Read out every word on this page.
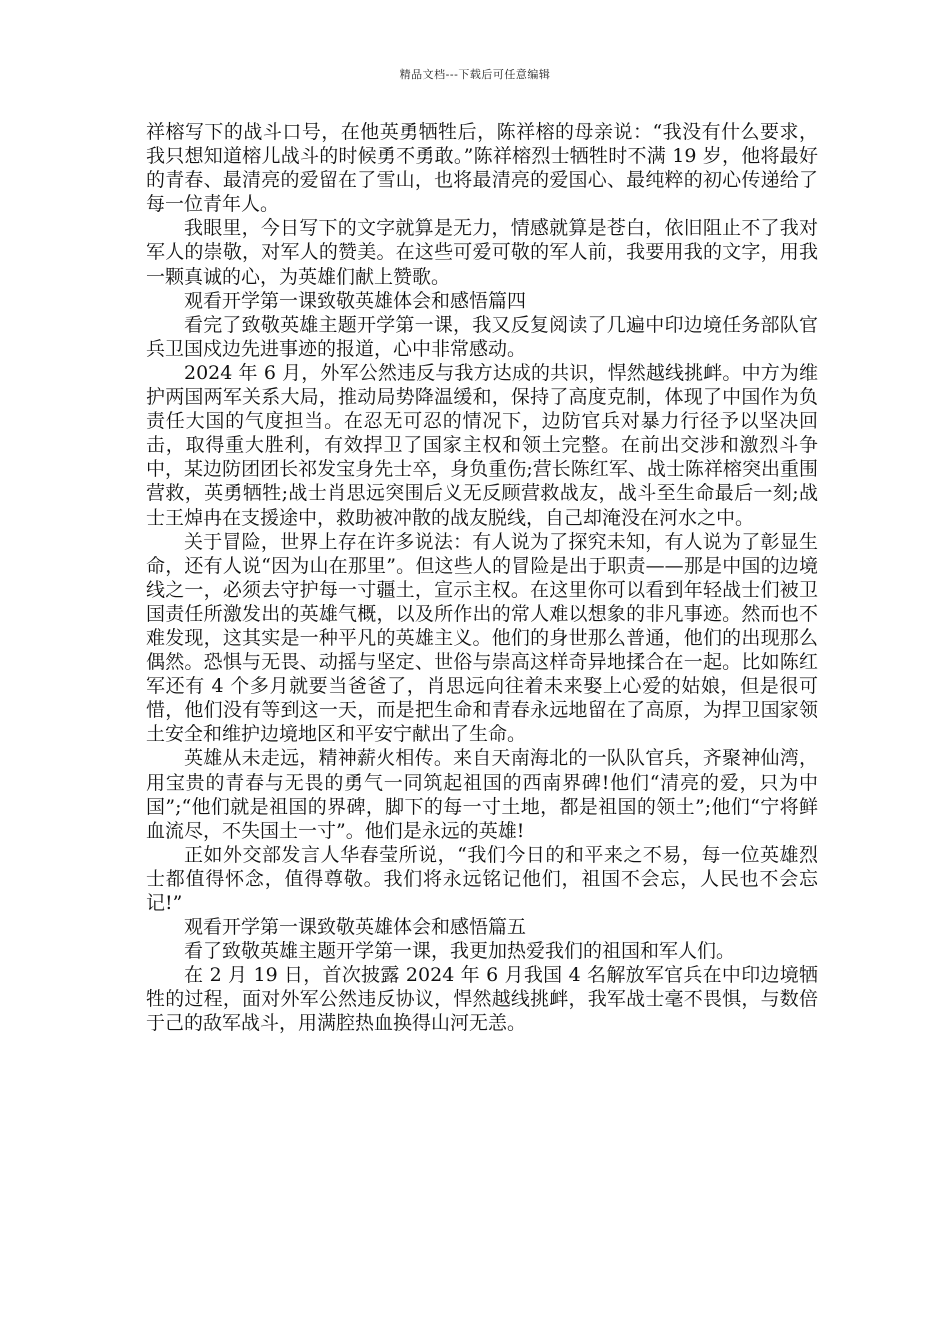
精品文档---下载后可任意编辑

祥榕写下的战斗口号，在他英勇牺牲后，陈祥榕的母亲说：“我没有什么要求，我只想知道榕儿战斗的时候勇不勇敢。”陈祥榕烈士牺牲时不满 19 岁，他将最好的青春、最清亮的爱留在了雪山，也将最清亮的爱国心、最纯粹的初心传递给了每一位青年人。

我眼里，今日写下的文字就算是无力，情感就算是苍白，依旧阻止不了我对军人的崇敬，对军人的赞美。在这些可爱可敬的军人前，我要用我的文字，用我一颗真诚的心，为英雄们献上赞歌。

观看开学第一课致敬英雄体会和感悟篇四

看完了致敬英雄主题开学第一课，我又反复阅读了几遍中印边境任务部队官兵卫国戍边先进事迹的报道，心中非常感动。

2024 年 6 月，外军公然违反与我方达成的共识，悍然越线挑衅。中方为维护两国两军关系大局，推动局势降温缓和，保持了高度克制，体现了中国作为负责任大国的气度担当。在忍无可忍的情况下，边防官兵对暴力行径予以坚决回击，取得重大胜利，有效捍卫了国家主权和领土完整。在前出交涉和激烈斗争中，某边防团团长祁发宝身先士卒，身负重伤;营长陈红军、战士陈祥榕突出重围营救，英勇牺牲;战士肖思远突围后义无反顾营救战友，战斗至生命最后一刻;战士王焯冉在支援途中，救助被冲散的战友脱线，自己却淹没在河水之中。

关于冒险，世界上存在许多说法：有人说为了探究未知，有人说为了彰显生命，还有人说“因为山在那里”。但这些人的冒险是出于职责——那是中国的边境线之一，必须去守护每一寸疆土，宣示主权。在这里你可以看到年轻战士们被卫国责任所激发出的英雄气概，以及所作出的常人难以想象的非凡事迹。然而也不难发现，这其实是一种平凡的英雄主义。他们的身世那么普通，他们的出现那么偶然。恐惧与无畏、动摇与坚定、世俗与崇高这样奇异地揉合在一起。比如陈红军还有 4 个多月就要当爸爸了，肖思远向往着未来娶上心爱的姑娘，但是很可惜，他们没有等到这一天，而是把生命和青春永远地留在了高原，为捍卫国家领土安全和维护边境地区和平安宁献出了生命。

英雄从未走远，精神薪火相传。来自天南海北的一队队官兵，齐聚神仙湾，用宝贵的青春与无畏的勇气一同筑起祖国的西南界碑!他们“清亮的爱，只为中国”;“他们就是祖国的界碑，脚下的每一寸土地，都是祖国的领土”;他们“宁将鲜血流尽，不失国土一寸”。他们是永远的英雄!

正如外交部发言人华春莹所说，“我们今日的和平来之不易，每一位英雄烈士都值得怀念，值得尊敬。我们将永远铭记他们，祖国不会忘，人民也不会忘记!”

观看开学第一课致敬英雄体会和感悟篇五

看了致敬英雄主题开学第一课，我更加热爱我们的祖国和军人们。

在 2 月 19 日，首次披露 2024 年 6 月我国 4 名解放军官兵在中印边境牺牲的过程，面对外军公然违反协议，悍然越线挑衅，我军战士毫不畏惧，与数倍于己的敌军战斗，用满腔热血换得山河无恙。
